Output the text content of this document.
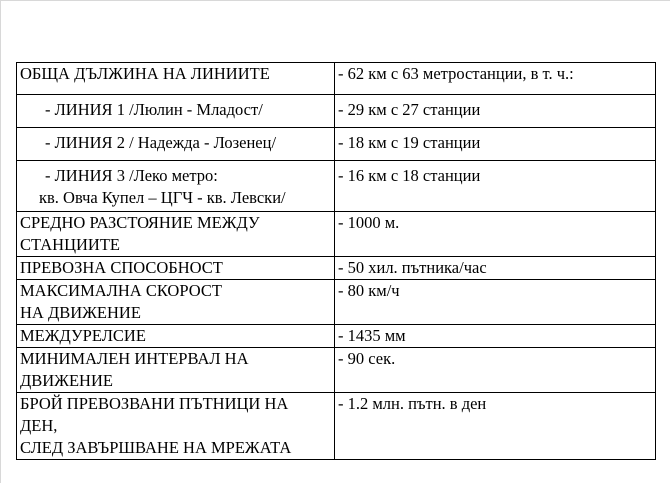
ОБЩА ДЪЛЖИНА НА ЛИНИИТЕ	- 62 км с 63 метростанции, в т. ч.:
- ЛИНИЯ 1 /Люлин - Младост/	- 29 км с 27 станции
- ЛИНИЯ 2 / Надежда - Лозенец/	- 18 км с 19 станции

- ЛИНИЯ 3 /Леко метро:
кв. Овча Купел – ЦГЧ - кв. Левски/	- 16 км с 18 станции

СРЕДНО РАЗСТОЯНИЕ МЕЖДУ
СТАНЦИИТЕ	- 1000 м.
ПРЕВОЗНА СПОСОБНОСТ	- 50 хил. пътника/час

МАКСИМАЛНА СКОРОСТ
НА ДВИЖЕНИЕ	- 80 км/ч
МЕЖДУРЕЛСИЕ	- 1435 мм

МИНИМАЛЕН ИНТЕРВАЛ НА
ДВИЖЕНИЕ	- 90 сек.

БРОЙ ПРЕВОЗВАНИ ПЪТНИЦИ НА
ДЕН,
СЛЕД ЗАВЪРШВАНЕ НА МРЕЖАТА	- 1.2 млн. пътн. в ден
